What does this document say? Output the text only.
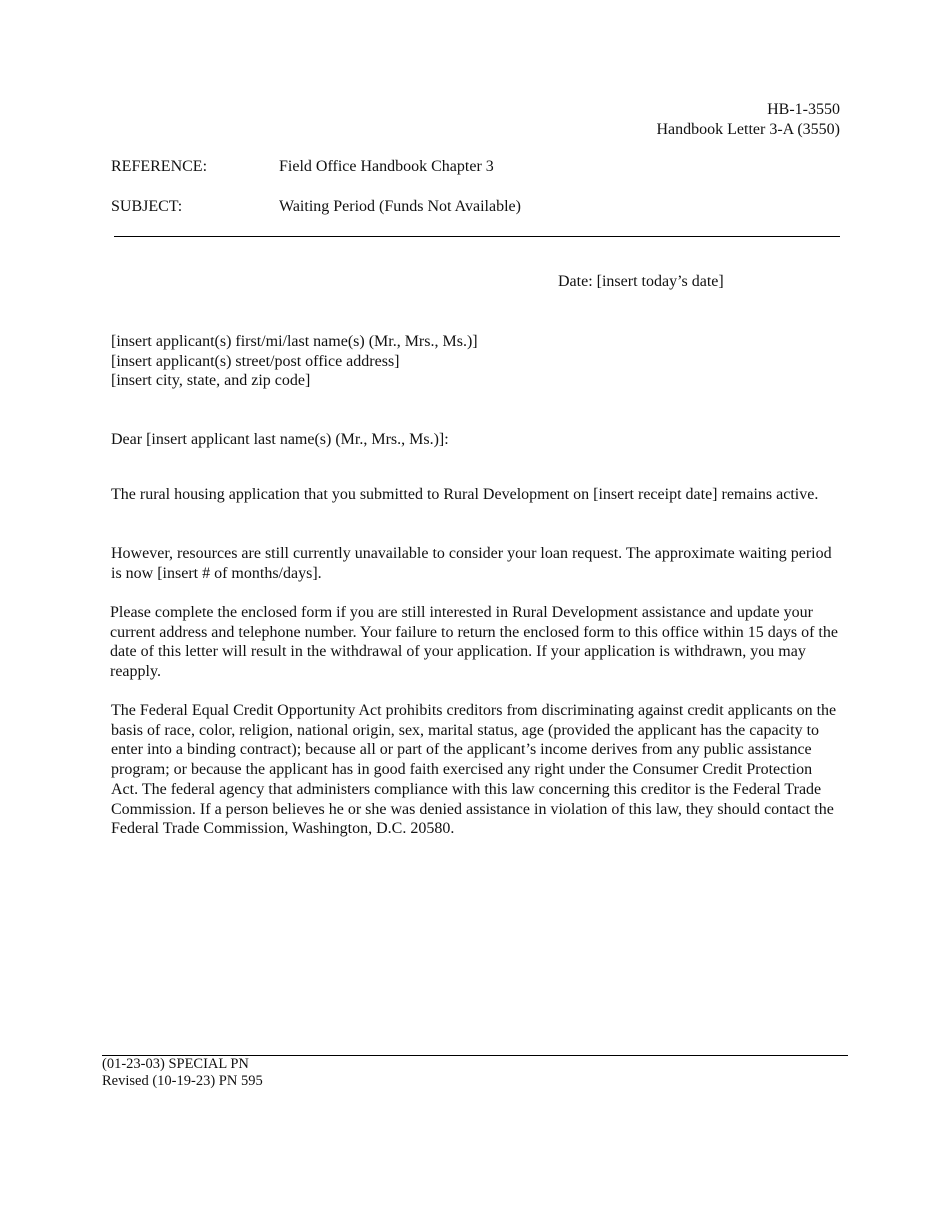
HB-1-3550
Handbook Letter 3-A (3550)
REFERENCE:	Field Office Handbook Chapter 3
SUBJECT:	Waiting Period (Funds Not Available)
Date: [insert today’s date]
[insert applicant(s) first/mi/last name(s) (Mr., Mrs., Ms.)]
[insert applicant(s) street/post office address]
[insert city, state, and zip code]
Dear [insert applicant last name(s) (Mr., Mrs., Ms.)]:

The rural housing application that you submitted to Rural Development on [insert receipt date] remains active.

However, resources are still currently unavailable to consider your loan request. The approximate waiting period is now [insert # of months/days].

Please complete the enclosed form if you are still interested in Rural Development assistance and update your current address and telephone number. Your failure to return the enclosed form to this office within 15 days of the date of this letter will result in the withdrawal of your application. If your application is withdrawn, you may reapply.

The Federal Equal Credit Opportunity Act prohibits creditors from discriminating against credit applicants on the basis of race, color, religion, national origin, sex, marital status, age (provided the applicant has the capacity to enter into a binding contract); because all or part of the applicant’s income derives from any public assistance program; or because the applicant has in good faith exercised any right under the Consumer Credit Protection Act. The federal agency that administers compliance with this law concerning this creditor is the Federal Trade Commission. If a person believes he or she was denied assistance in violation of this law, they should contact the Federal Trade Commission, Washington, D.C. 20580.

(01-23-03) SPECIAL PN
Revised (10-19-23) PN 595
